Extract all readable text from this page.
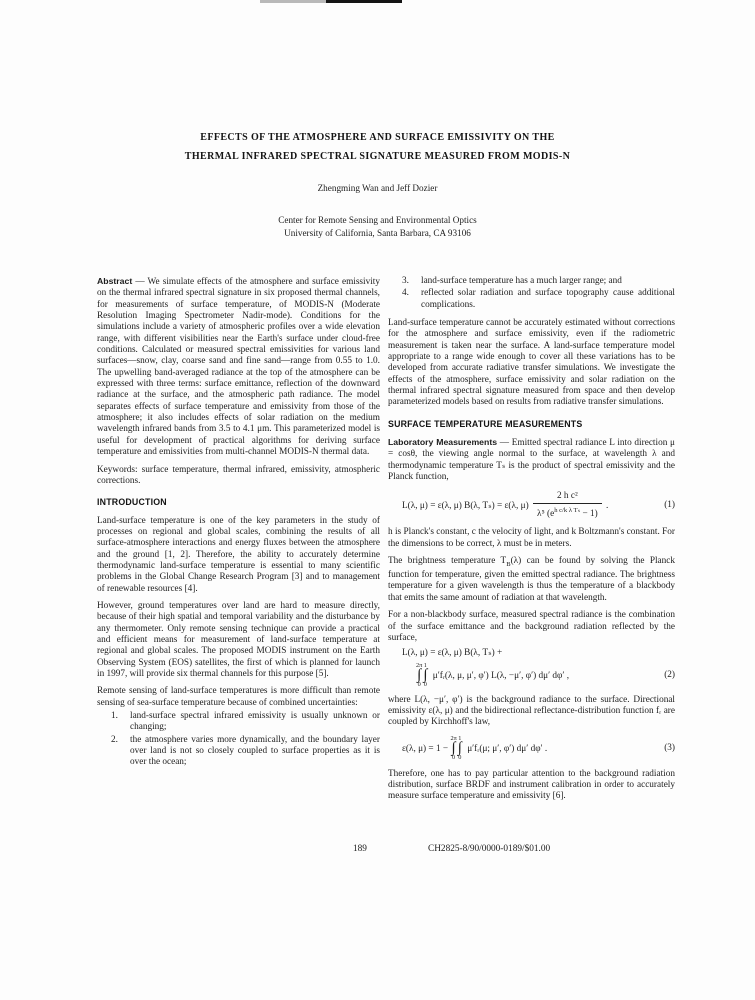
EFFECTS OF THE ATMOSPHERE AND SURFACE EMISSIVITY ON THE
THERMAL INFRARED SPECTRAL SIGNATURE MEASURED FROM MODIS-N
Zhengming Wan and Jeff Dozier
Center for Remote Sensing and Environmental Optics
University of California, Santa Barbara, CA 93106

Abstract — We simulate effects of the atmosphere and surface emissivity on the thermal infrared spectral signature in six proposed thermal channels, for measurements of surface temperature, of MODIS-N (Moderate Resolution Imaging Spectrometer Nadir-mode). Conditions for the simulations include a variety of atmospheric profiles over a wide elevation range, with different visibilities near the Earth's surface under cloud-free conditions. Calculated or measured spectral emissivities for various land surfaces—snow, clay, coarse sand and fine sand—range from 0.55 to 1.0. The upwelling band-averaged radiance at the top of the atmosphere can be expressed with three terms: surface emittance, reflection of the downward radiance at the surface, and the atmospheric path radiance. The model separates effects of surface temperature and emissivity from those of the atmosphere; it also includes effects of solar radiation on the medium wavelength infrared bands from 3.5 to 4.1 μm. This parameterized model is useful for development of practical algorithms for deriving surface temperature and emissivities from multi-channel MODIS-N thermal data.

Keywords: surface temperature, thermal infrared, emissivity, atmospheric corrections.

INTRODUCTION

Land-surface temperature is one of the key parameters in the study of processes on regional and global scales, combining the results of all surface-atmosphere interactions and energy fluxes between the atmosphere and the ground [1, 2]. Therefore, the ability to accurately determine thermodynamic land-surface temperature is essential to many scientific problems in the Global Change Research Program [3] and to management of renewable resources [4].

However, ground temperatures over land are hard to measure directly, because of their high spatial and temporal variability and the disturbance by any thermometer. Only remote sensing technique can provide a practical and efficient means for measurement of land-surface temperature at regional and global scales. The proposed MODIS instrument on the Earth Observing System (EOS) satellites, the first of which is planned for launch in 1997, will provide six thermal channels for this purpose [5].

Remote sensing of land-surface temperatures is more difficult than remote sensing of sea-surface temperature because of combined uncertainties:

1.	land-surface spectral infrared emissivity is usually unknown or changing;
2.	the atmosphere varies more dynamically, and the boundary layer over land is not so closely coupled to surface properties as it is over the ocean;
3.	land-surface temperature has a much larger range; and
4.	reflected solar radiation and surface topography cause additional complications.

Land-surface temperature cannot be accurately estimated without corrections for the atmosphere and surface emissivity, even if the radiometric measurement is taken near the surface. A land-surface temperature model appropriate to a range wide enough to cover all these variations has to be developed from accurate radiative transfer simulations. We investigate the effects of the atmosphere, surface emissivity and solar radiation on the thermal infrared spectral signature measured from space and then develop parameterized models based on results from radiative transfer simulations.

SURFACE TEMPERATURE MEASUREMENTS

Laboratory Measurements — Emitted spectral radiance L into direction μ = cosθ, the viewing angle normal to the surface, at wavelength λ and thermodynamic temperature Tₛ is the product of spectral emissivity and the Planck function,

L(λ, μ) = ε(λ, μ) B(λ, Tₛ) = ε(λ, $\mu) \frac{\text{2 h c²}}{\lambda^5 (e^{h c/k \lambda T_s} - 1)}$ .	(1)

h is Planck's constant, c the velocity of light, and k Boltzmann's constant. For the dimensions to be correct, λ must be in meters.

The brightness temperature $T_B(\lambda)$ can be found by solving the Planck function for temperature, given the emitted spectral radiance. The brightness temperature for a given wavelength is thus the temperature of a blackbody that emits the same amount of radiation at that wavelength.

For a non-blackbody surface, measured spectral radiance is the combination of the surface emittance and the background radiation reflected by the surface,

L(λ, μ) = ε(λ, μ) B(λ, Tₛ) +
2π
∫
0
1
∫
0
μ′fᵣ(λ, μ, μ′, φ′) L(λ, −μ′, φ′) dμ′ dφ′ ,	(2)

where L(λ, −μ′, φ′) is the background radiance to the surface. Directional emissivity ε(λ, μ) and the bidirectional reflectance-distribution function fᵣ are coupled by Kirchhoff's law,

ε(λ, μ) = 1 −
2π
∫
0
1
∫
0
μ′fᵣ(μ; μ′, φ′) dμ′ dφ′ .	(3)

Therefore, one has to pay particular attention to the background radiation distribution, surface BRDF and instrument calibration in order to accurately measure surface temperature and emissivity [6].

189	CH2825-8/90/0000-0189/$01.00
